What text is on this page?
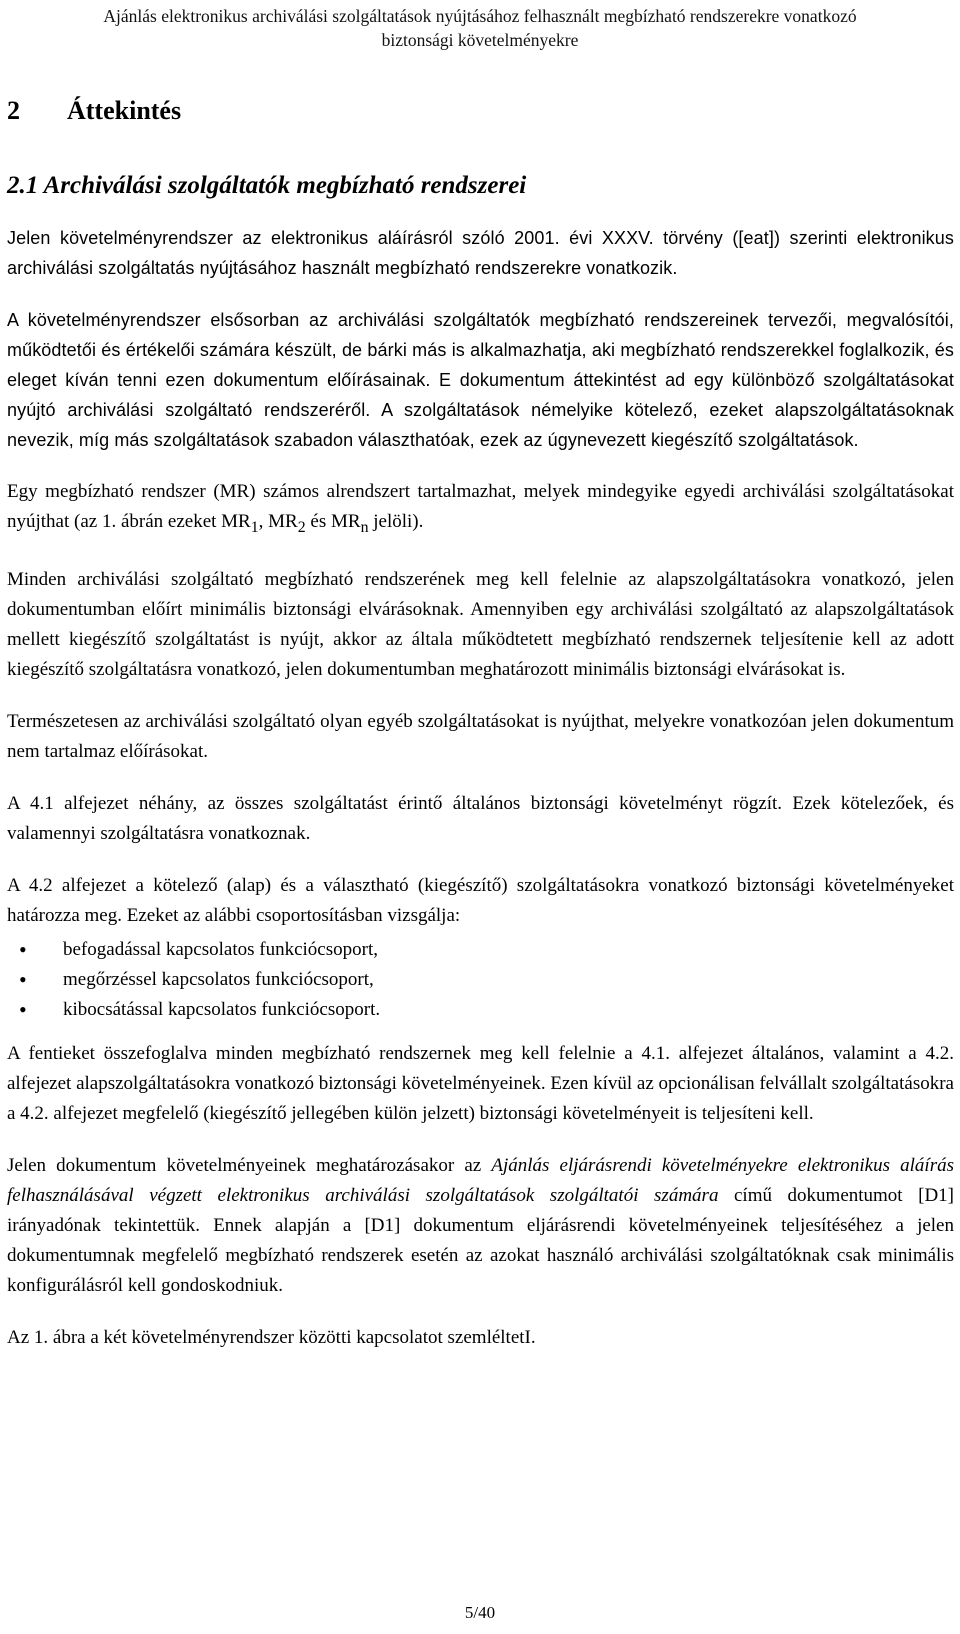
Ajánlás elektronikus archiválási szolgáltatások nyújtásához felhasznált megbízható rendszerekre vonatkozó
biztonsági követelményekre
2 Áttekintés
2.1 Archiválási szolgáltatók megbízható rendszerei

Jelen követelményrendszer az elektronikus aláírásról szóló 2001. évi XXXV. törvény ([eat]) szerinti elektronikus archiválási szolgáltatás nyújtásához használt megbízható rendszerekre vonatkozik.

A követelményrendszer elsősorban az archiválási szolgáltatók megbízható rendszereinek tervezői, megvalósítói, működtetői és értékelői számára készült, de bárki más is alkalmazhatja, aki megbízható rendszerekkel foglalkozik, és eleget kíván tenni ezen dokumentum előírásainak. E dokumentum áttekintést ad egy különböző szolgáltatásokat nyújtó archiválási szolgáltató rendszeréről. A szolgáltatások némelyike kötelező, ezeket alapszolgáltatásoknak nevezik, míg más szolgáltatások szabadon választhatóak, ezek az úgynevezett kiegészítő szolgáltatások.

Egy megbízható rendszer (MR) számos alrendszert tartalmazhat, melyek mindegyike egyedi archiválási szolgáltatásokat nyújthat (az 1. ábrán ezeket $MR_1$, $MR_2$ és $MR_n$ jelöli).

Minden archiválási szolgáltató megbízható rendszerének meg kell felelnie az alapszolgáltatásokra vonatkozó, jelen dokumentumban előírt minimális biztonsági elvárásoknak. Amennyiben egy archiválási szolgáltató az alapszolgáltatások mellett kiegészítő szolgáltatást is nyújt, akkor az általa működtetett megbízható rendszernek teljesítenie kell az adott kiegészítő szolgáltatásra vonatkozó, jelen dokumentumban meghatározott minimális biztonsági elvárásokat is.

Természetesen az archiválási szolgáltató olyan egyéb szolgáltatásokat is nyújthat, melyekre vonatkozóan jelen dokumentum nem tartalmaz előírásokat.

A 4.1 alfejezet néhány, az összes szolgáltatást érintő általános biztonsági követelményt rögzít. Ezek kötelezőek, és valamennyi szolgáltatásra vonatkoznak.

A 4.2 alfejezet a kötelező (alap) és a választható (kiegészítő) szolgáltatásokra vonatkozó biztonsági követelményeket határozza meg. Ezeket az alábbi csoportosításban vizsgálja:

• befogadással kapcsolatos funkciócsoport,
• megőrzéssel kapcsolatos funkciócsoport,
• kibocsátással kapcsolatos funkciócsoport.

A fentieket összefoglalva minden megbízható rendszernek meg kell felelnie a 4.1. alfejezet általános, valamint a 4.2. alfejezet alapszolgáltatásokra vonatkozó biztonsági követelményeinek. Ezen kívül az opcionálisan felvállalt szolgáltatásokra a 4.2. alfejezet megfelelő (kiegészítő jellegében külön jelzett) biztonsági követelményeit is teljesíteni kell.

Jelen dokumentum követelményeinek meghatározásakor az Ajánlás eljárásrendi követelményekre elektronikus aláírás felhasználásával végzett elektronikus archiválási szolgáltatások szolgáltatói számára című dokumentumot [D1] irányadónak tekintettük. Ennek alapján a [D1] dokumentum eljárásrendi követelményeinek teljesítéséhez a jelen dokumentumnak megfelelő megbízható rendszerek esetén az azokat használó archiválási szolgáltatóknak csak minimális konfigurálásról kell gondoskodniuk.

Az 1. ábra a két követelményrendszer közötti kapcsolatot szemléltetI.

5/40
